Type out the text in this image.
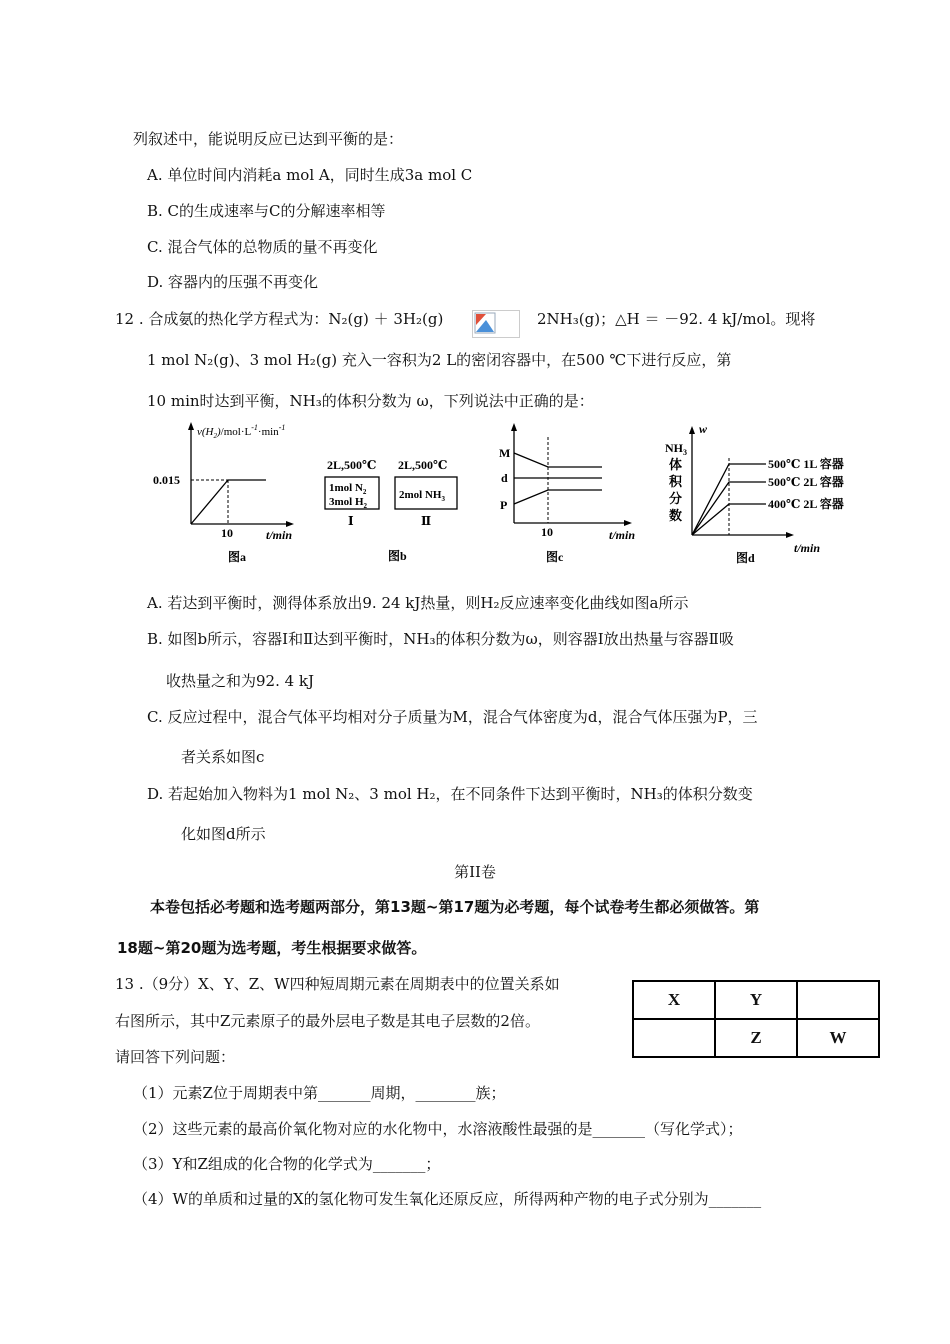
列叙述中，能说明反应已达到平衡的是：
A. 单位时间内消耗a mol A，同时生成3a mol C
B. C的生成速率与C的分解速率相等
C. 混合气体的总物质的量不再变化
D. 容器内的压强不再变化
12 . 合成氨的热化学方程式为：N₂(g) ＋ 3H₂(g)	2NH₃(g)；△H ＝ －92. 4 kJ/mol。现将
1 mol N₂(g)、3 mol H₂(g) 充入一容积为2 L的密闭容器中，在500 ℃下进行反应，第
10 min时达到平衡，NH₃的体积分数为 ω，下列说法中正确的是：
$v(H_2)/mol\cdot L^{-1}\cdot\min^{-1}$
0.015
10	t/min
图a
2L,500℃
1mol $N_2$
3mol $H_2$
Ⅰ
2L,500℃
2mol $NH_3$
Ⅱ
图b
M
d
P
10	t/min
图c
w
$NH_3$
体
积
分
数
500℃ 1L 容器
500℃ 2L 容器
400℃ 2L 容器
图d
t/min
A. 若达到平衡时，测得体系放出9. 24 kJ热量，则H₂反应速率变化曲线如图a所示
B. 如图b所示，容器Ⅰ和Ⅱ达到平衡时，NH₃的体积分数为ω，则容器Ⅰ放出热量与容器Ⅱ吸
收热量之和为92. 4 kJ
C. 反应过程中，混合气体平均相对分子质量为M，混合气体密度为d，混合气体压强为P，三
者关系如图c
D. 若起始加入物料为1 mol N₂、3 mol H₂，在不同条件下达到平衡时，NH₃的体积分数变
化如图d所示
第II卷
本卷包括必考题和选考题两部分，第13题~第17题为必考题，每个试卷考生都必须做答。第
18题~第20题为选考题，考生根据要求做答。
13 .（9分）X、Y、Z、W四种短周期元素在周期表中的位置关系如
右图所示，其中Z元素原子的最外层电子数是其电子层数的2倍。
请回答下列问题：
X	Y	
	Z	W
（1）元素Z位于周期表中第_______周期，________族；
（2）这些元素的最高价氧化物对应的水化物中，水溶液酸性最强的是_______（写化学式）；
（3）Y和Z组成的化合物的化学式为_______；
（4）W的单质和过量的X的氢化物可发生氧化还原反应，所得两种产物的电子式分别为_______
